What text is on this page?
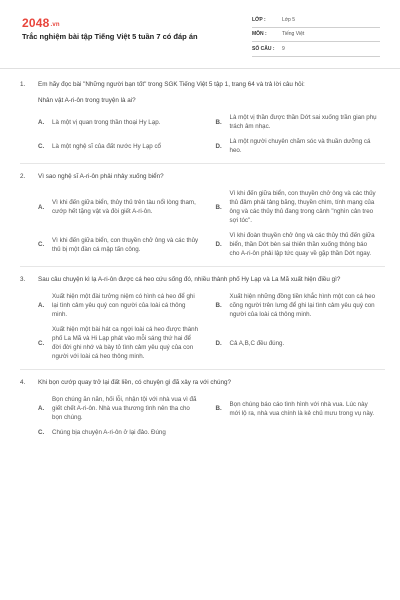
2048.vn
Trắc nghiệm bài tập Tiếng Việt 5 tuần 7 có đáp án
LỚP :	Lớp 5
MÔN :	Tiếng Việt
SỐ CÂU :	9
1. Em hãy đọc bài "Những người bạn tốt" trong SGK Tiếng Việt 5 tập 1, trang 64 và trả lời câu hỏi:
Nhân vật A-ri-ôn trong truyện là ai?
A.	Là một vị quan trong thần thoại Hy Lạp.	B.
Là một vị thần được thần Dớt sai xuống trần gian phụ trách âm nhạc.
C.	Là một nghệ sĩ của đất nước Hy Lạp cổ	D.
Là một người chuyên chăm sóc và thuần dưỡng cá heo.
2. Vì sao nghệ sĩ A-ri-ôn phải nhảy xuống biển?
A.
Vì khi đến giữa biển, thủy thủ trên tàu nổi lòng tham, cướp hết tặng vật và đòi giết A-ri-ôn.
B.
Vì khi đến giữa biển, con thuyền chở ông và các thủy thủ đâm phải tảng băng, thuyền chìm, tính mạng của ông và các thủy thủ đang trong cảnh "nghìn cân treo sợi tóc".
C.
Vì khi đến giữa biển, con thuyền chở ông và các thủy thủ bị một đàn cá mập tấn công.
D.
Vì khi đoàn thuyền chở ông và các thủy thủ đến giữa biển, thần Dớt bèn sai thiên thần xuống thông báo cho A-ri-ôn phải lập tức quay về gặp thần Dớt ngay.
3. Sau câu chuyện kì lạ A-ri-ôn được cá heo cứu sống đó, nhiều thành phố Hy Lạp và La Mã xuất hiện điều gì?
A.
Xuất hiện một đài tưởng niệm có hình cá heo để ghi lại tình cảm yêu quý con người của loài cá thông minh.
B.
Xuất hiện những đồng tiền khắc hình một con cá heo cõng người trên lưng để ghi lại tình cảm yêu quý con người của loài cá thông minh.
C.
Xuất hiện một bài hát ca ngợi loài cá heo được thành phố La Mã và Hi Lạp phát vào mỗi sáng thứ hai để đời đời ghi nhớ và bày tỏ tình cảm yêu quý của con người với loài cá heo thông minh.
D.	Cả A,B,C đều đúng.
4. Khi bọn cướp quay trở lại đất liền, có chuyện gì đã xảy ra với chúng?
A.
Bọn chúng ăn năn, hối lỗi, nhận tội với nhà vua vì đã giết chết A-ri-ôn. Nhà vua thương tình nên tha cho bọn chúng.
B.
Bọn chúng báo cáo tình hình với nhà vua. Lúc này mới lộ ra, nhà vua chính là kẻ chủ mưu trong vụ này.
C.	Chúng bịa chuyện A-ri-ôn ở lại đảo. Đúng
